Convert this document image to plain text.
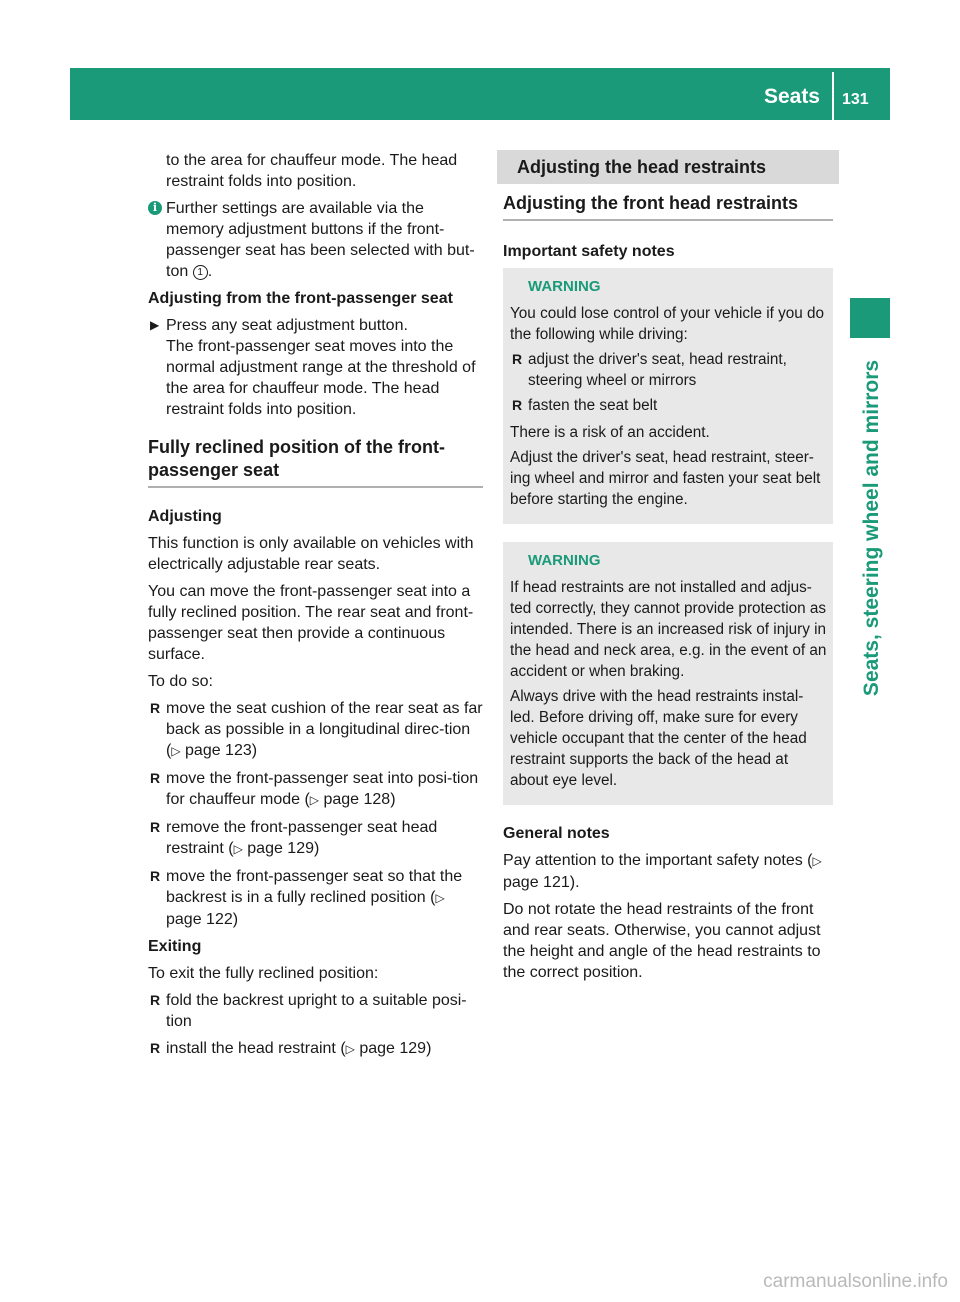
Seats 131
Seats, steering wheel and mirrors

to the area for chauffeur mode. The head restraint folds into position.

i Further settings are available via the memory adjustment buttons if the front-passenger seat has been selected with but-ton 1 .

Adjusting from the front-passenger seat

▶ Press any seat adjustment button.
The front-passenger seat moves into the normal adjustment range at the threshold of the area for chauffeur mode. The head restraint folds into position.
Fully reclined position of the front-passenger seat

Adjusting

This function is only available on vehicles with electrically adjustable rear seats.

You can move the front-passenger seat into a fully reclined position. The rear seat and front-passenger seat then provide a continuous surface.

To do so:

R move the seat cushion of the rear seat as far back as possible in a longitudinal direc-tion (▷ page 123)
R move the front-passenger seat into posi-tion for chauffeur mode (▷ page 128)
R remove the front-passenger seat head restraint (▷ page 129)
R move the front-passenger seat so that the backrest is in a fully reclined position (▷ page 122)

Exiting

To exit the fully reclined position:

R fold the backrest upright to a suitable posi-tion
R install the head restraint (▷ page 129)
Adjusting the head restraints
Adjusting the front head restraints

Important safety notes

WARNING

You could lose control of your vehicle if you do the following while driving:

R adjust the driver's seat, head restraint, steering wheel or mirrors
R fasten the seat belt

There is a risk of an accident.

Adjust the driver's seat, head restraint, steer-ing wheel and mirror and fasten your seat belt before starting the engine.

WARNING

If head restraints are not installed and adjus-ted correctly, they cannot provide protection as intended. There is an increased risk of injury in the head and neck area, e.g. in the event of an accident or when braking.

Always drive with the head restraints instal-led. Before driving off, make sure for every vehicle occupant that the center of the head restraint supports the back of the head at about eye level.

General notes

Pay attention to the important safety notes (▷ page 121).

Do not rotate the head restraints of the front and rear seats. Otherwise, you cannot adjust the height and angle of the head restraints to the correct position.

carmanualsonline.info
